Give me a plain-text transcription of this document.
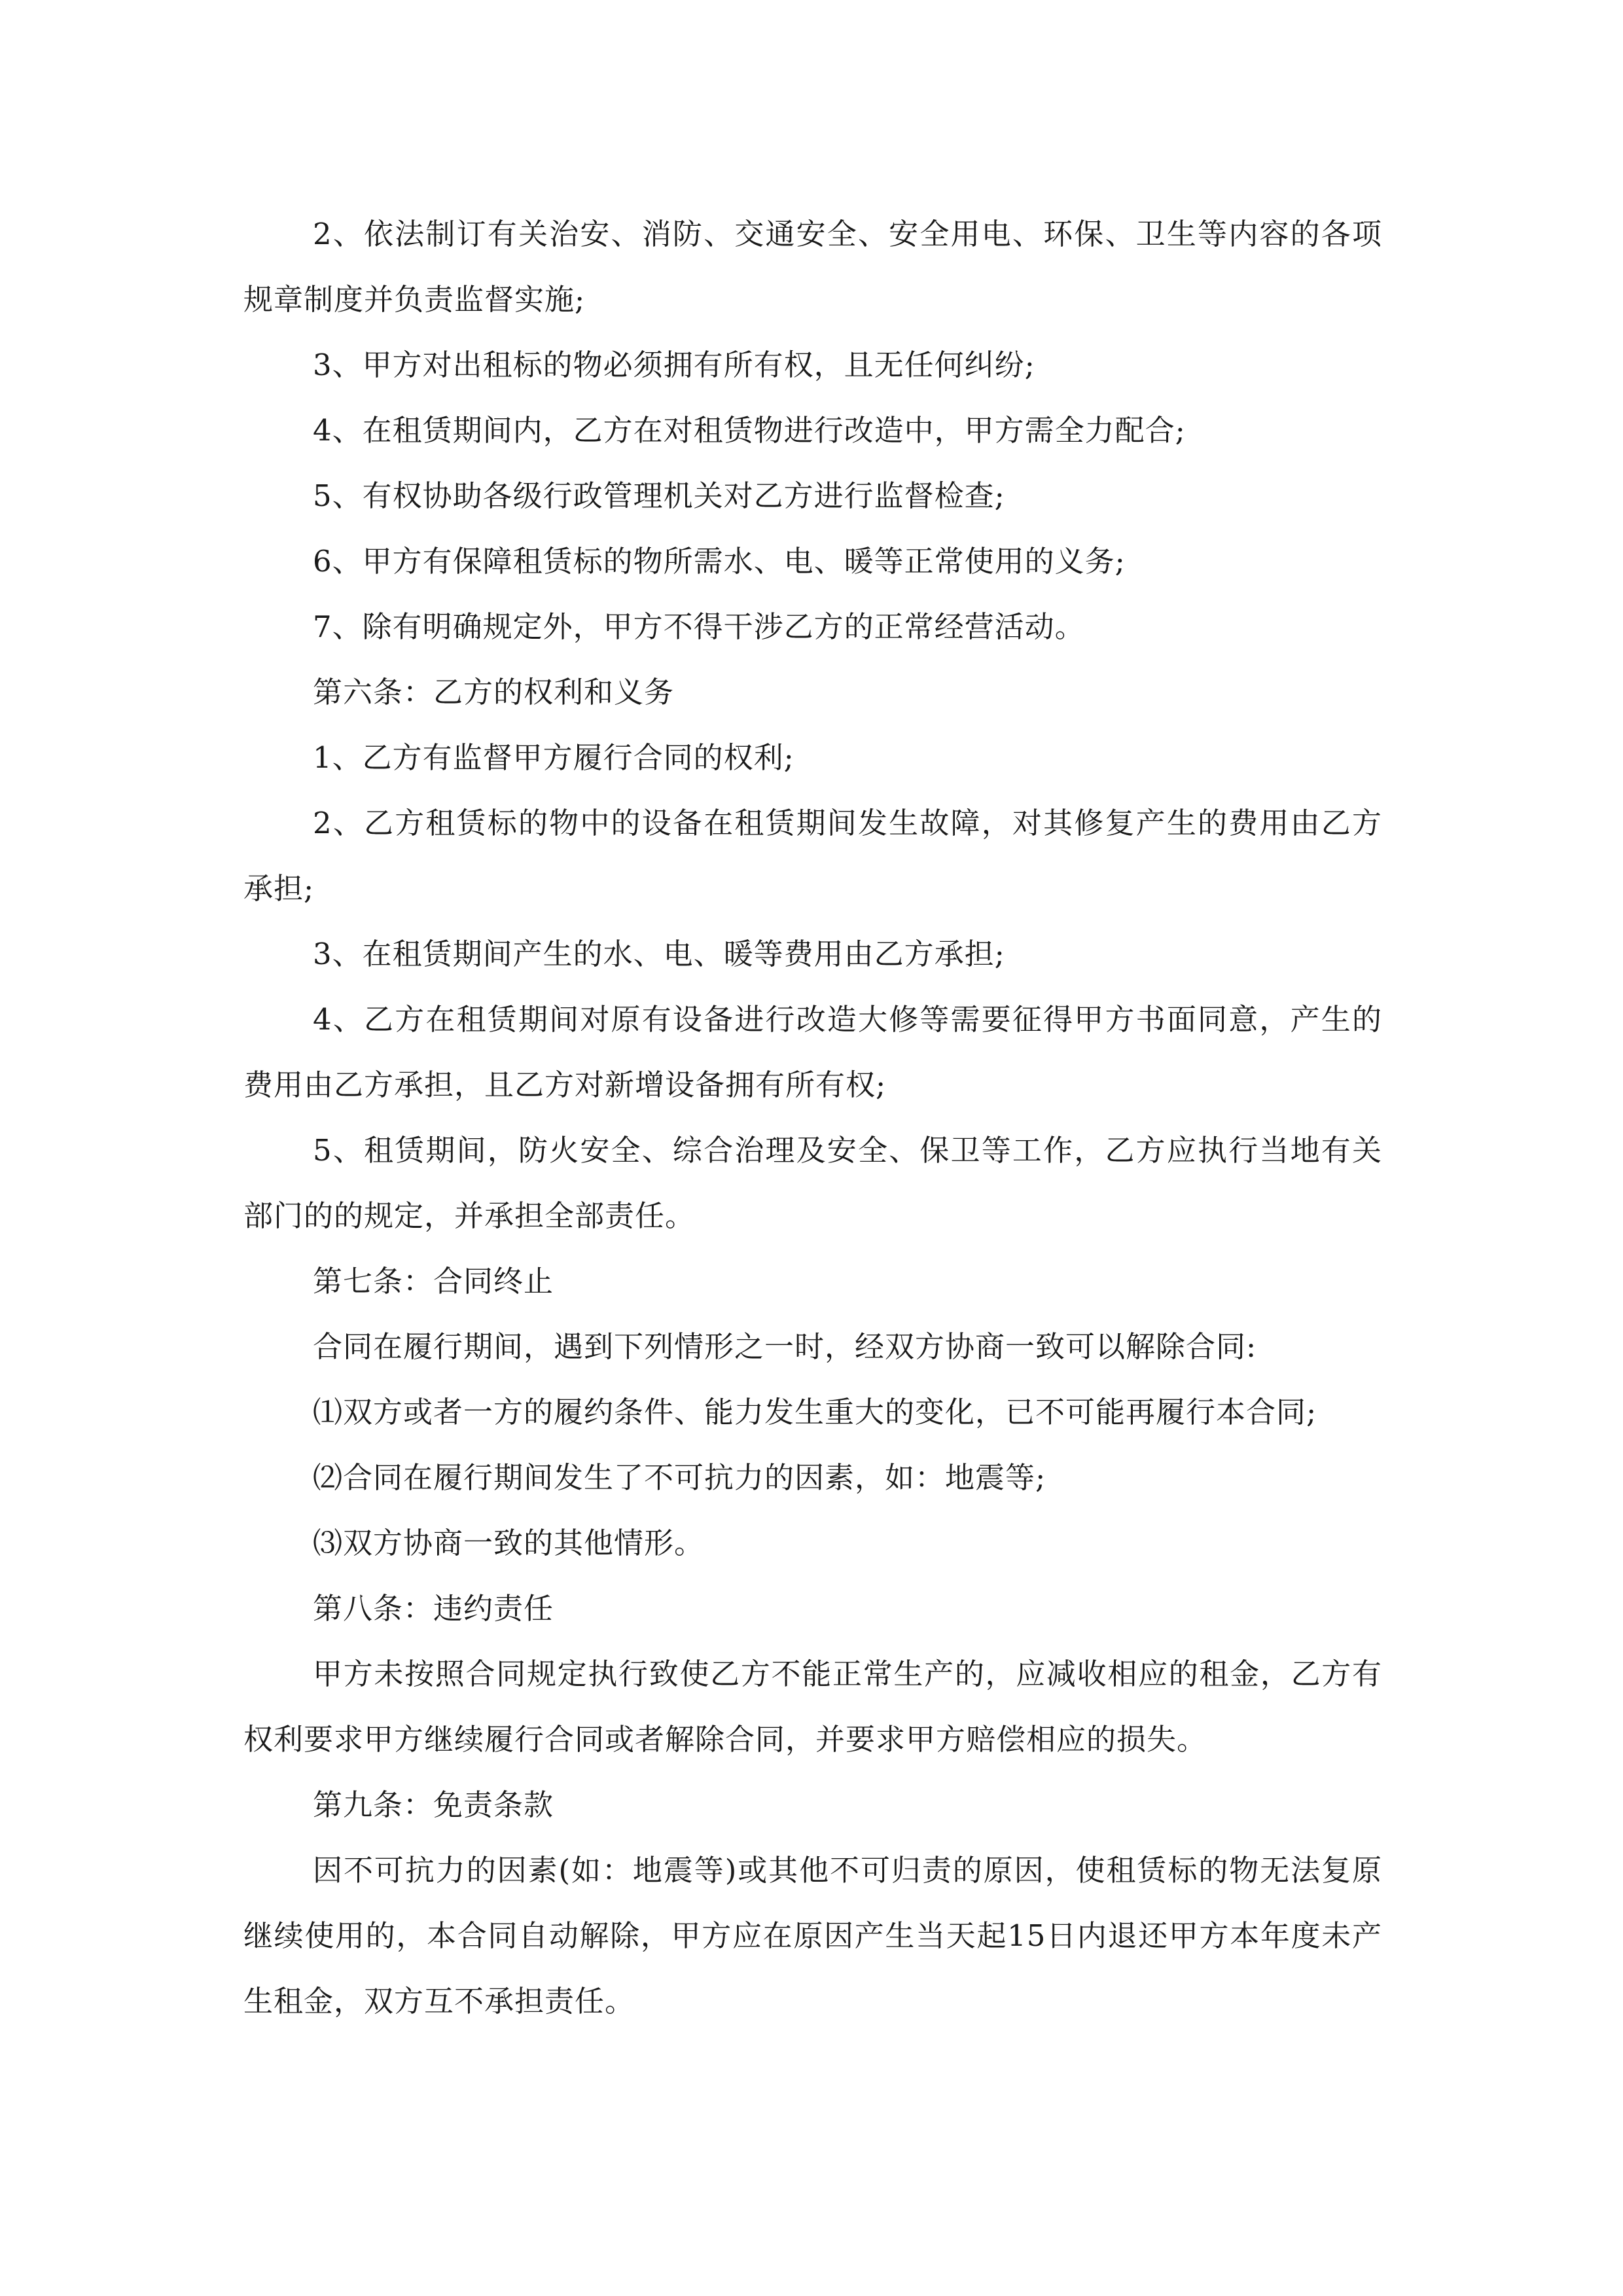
2、依法制订有关治安、消防、交通安全、安全用电、环保、卫生等内容的各项规章制度并负责监督实施;

3、甲方对出租标的物必须拥有所有权，且无任何纠纷;

4、在租赁期间内，乙方在对租赁物进行改造中，甲方需全力配合;

5、有权协助各级行政管理机关对乙方进行监督检查;

6、甲方有保障租赁标的物所需水、电、暖等正常使用的义务;

7、除有明确规定外，甲方不得干涉乙方的正常经营活动。

第六条：乙方的权利和义务

1、乙方有监督甲方履行合同的权利;

2、乙方租赁标的物中的设备在租赁期间发生故障，对其修复产生的费用由乙方承担;

3、在租赁期间产生的水、电、暖等费用由乙方承担;

4、乙方在租赁期间对原有设备进行改造大修等需要征得甲方书面同意，产生的费用由乙方承担，且乙方对新增设备拥有所有权;

5、租赁期间，防火安全、综合治理及安全、保卫等工作，乙方应执行当地有关部门的的规定，并承担全部责任。

第七条：合同终止

合同在履行期间，遇到下列情形之一时，经双方协商一致可以解除合同:

⑴双方或者一方的履约条件、能力发生重大的变化，已不可能再履行本合同;

⑵合同在履行期间发生了不可抗力的因素，如：地震等;

⑶双方协商一致的其他情形。

第八条：违约责任

甲方未按照合同规定执行致使乙方不能正常生产的，应减收相应的租金，乙方有权利要求甲方继续履行合同或者解除合同，并要求甲方赔偿相应的损失。

第九条：免责条款

因不可抗力的因素(如：地震等)或其他不可归责的原因，使租赁标的物无法复原继续使用的，本合同自动解除，甲方应在原因产生当天起15日内退还甲方本年度未产生租金，双方互不承担责任。
